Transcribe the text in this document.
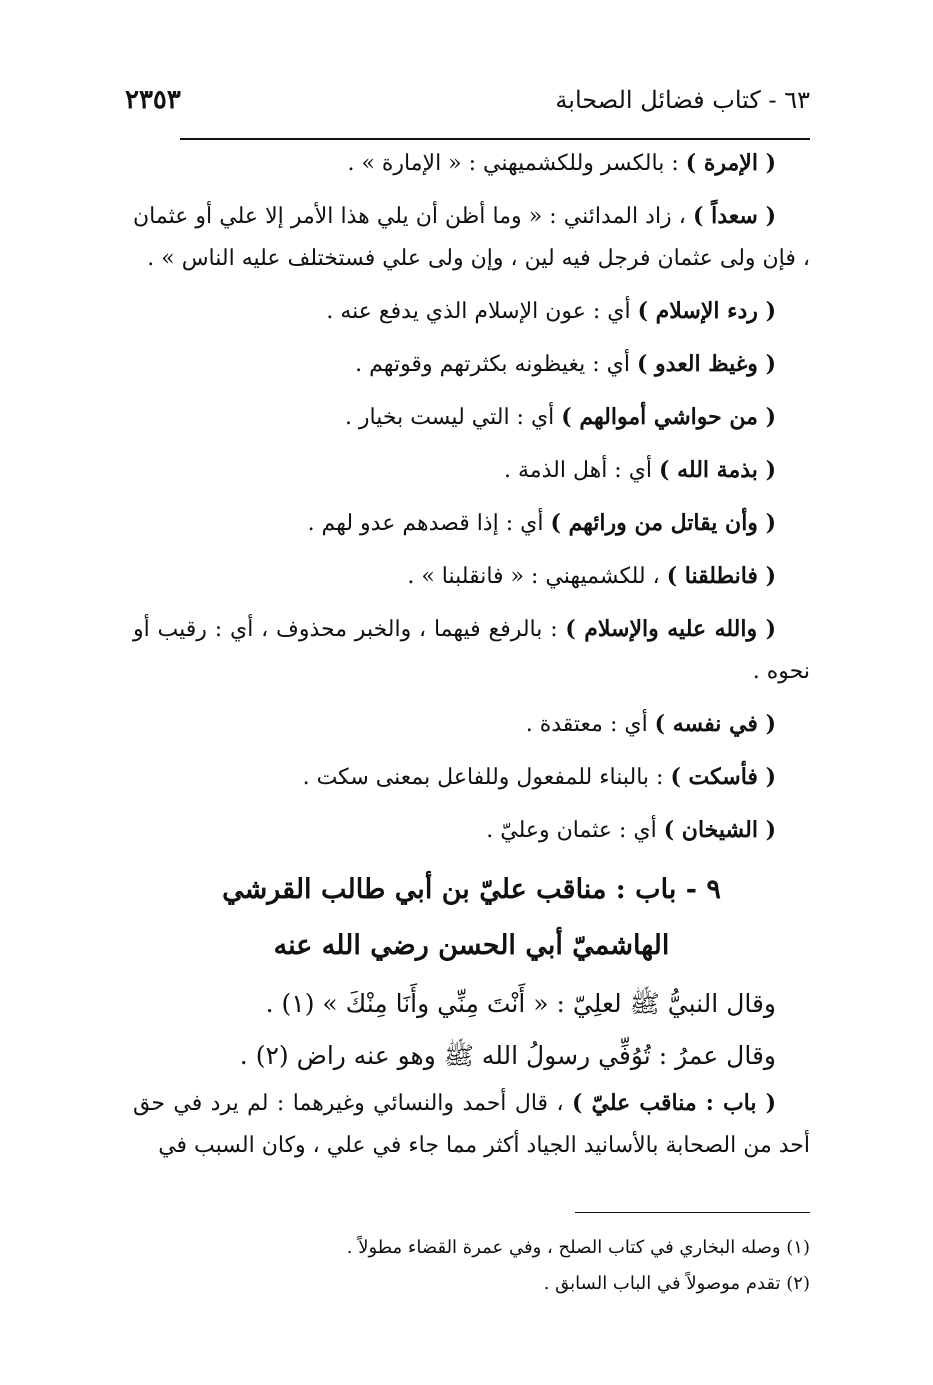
٢٣٥٣	٦٣ - كتاب فضائل الصحابة

( الإمرة ) : بالكسر وللكشميهني : « الإمارة » .

( سعداً ) ، زاد المدائني : « وما أظن أن يلي هذا الأمر إلا علي أو عثمان ، فإن ولى عثمان فرجل فيه لين ، وإن ولى علي فستختلف عليه الناس » .

( ردء الإسلام ) أي : عون الإسلام الذي يدفع عنه .

( وغيظ العدو ) أي : يغيظونه بكثرتهم وقوتهم .

( من حواشي أموالهم ) أي : التي ليست بخيار .

( بذمة الله ) أي : أهل الذمة .

( وأن يقاتل من ورائهم ) أي : إذا قصدهم عدو لهم .

( فانطلقنا ) ، للكشميهني : « فانقلبنا » .

( والله عليه والإسلام ) : بالرفع فيهما ، والخبر محذوف ، أي : رقيب أو نحوه .

( في نفسه ) أي : معتقدة .

( فأسكت ) : بالبناء للمفعول وللفاعل بمعنى سكت .

( الشيخان ) أي : عثمان وعليّ .

٩ - باب : مناقب عليّ بن أبي طالب القرشي
الهاشميّ أبي الحسن رضي الله عنه

وقال النبيُّ ﷺ لعلِيّ : « أَنْتَ مِنِّي وأَنَا مِنْكَ » (١) .

وقال عمرُ : تُوُفِّي رسولُ الله ﷺ وهو عنه راض (٢) .

( باب : مناقب عليّ ) ، قال أحمد والنسائي وغيرهما : لم يرد في حق أحد من الصحابة بالأسانيد الجياد أكثر مما جاء في علي ، وكان السبب في

(١) وصله البخاري في كتاب الصلح ، وفي عمرة القضاء مطولاً .

(٢) تقدم موصولاً في الباب السابق .
